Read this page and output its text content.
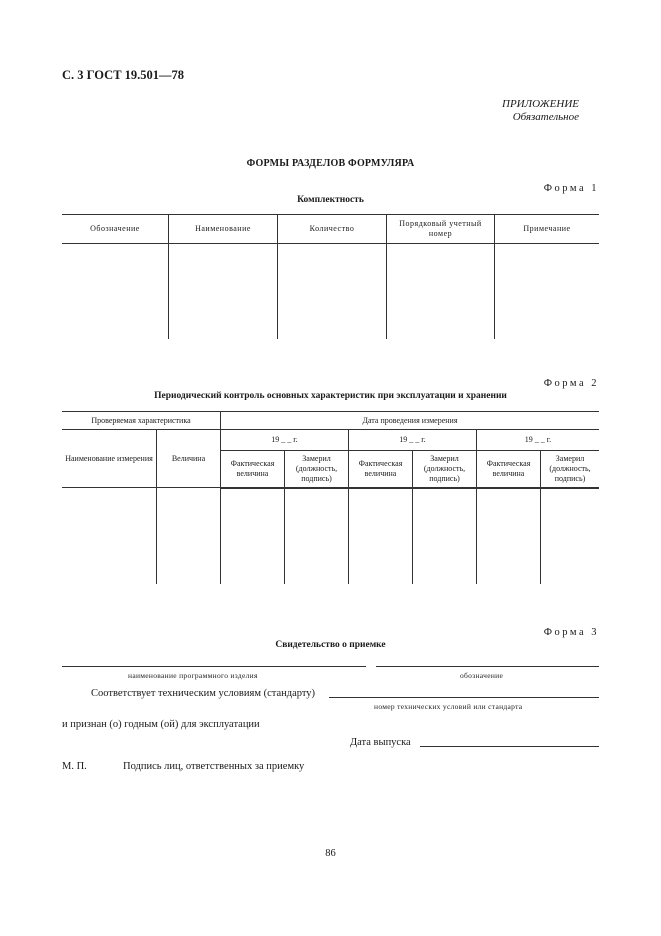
С. 3 ГОСТ 19.501—78
ПРИЛОЖЕНИЕ
Обязательное
ФОРМЫ РАЗДЕЛОВ ФОРМУЛЯРА
Форма 1
Комплектность
Обозначение	Наименование	Количество	Порядковый учетный номер	Примечание

Форма 2
Периодический контроль основных характеристик при эксплуатации и хранении
Проверяемая характеристика		Дата проведения измерения					
Наименование измерения	Величина	19 _ _ г.		19 _ _ г.		19 _ _ г.	
		Фактическая величина	Замерил (должность, подпись)	Фактическая величина	Замерил (должность, подпись)	Фактическая величина	Замерил (должность, подпись)

Форма 3
Свидетельство о приемке
наименование программного изделия	обозначение
Соответствует техническим условиям (стандарту)
номер технических условий или стандарта
и признан (о) годным (ой) для эксплуатации
Дата выпуска
М. П.	Подпись лиц, ответственных за приемку
86
